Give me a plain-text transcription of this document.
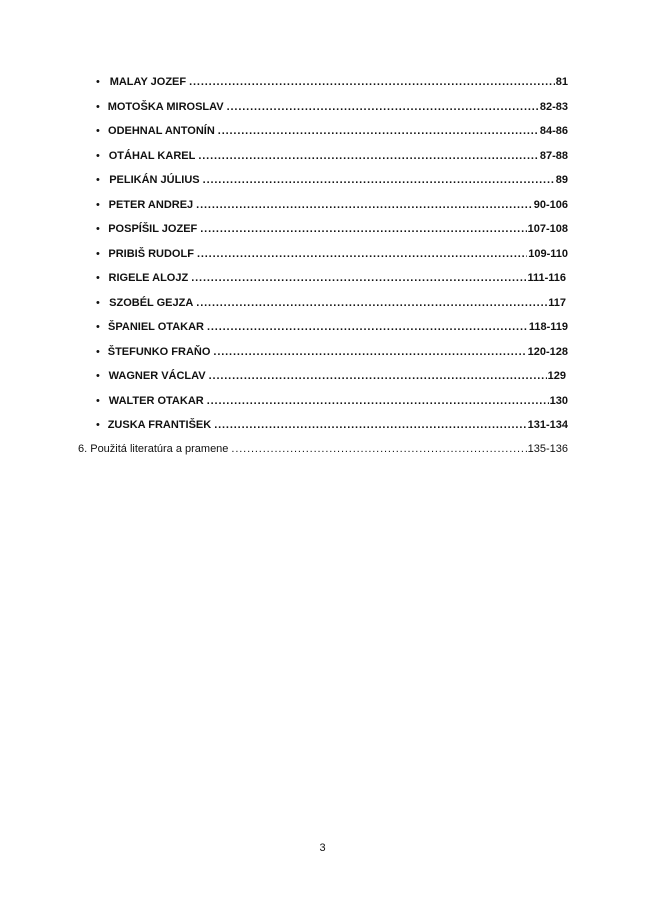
• MALAY JOZEF . . .	81
• MOTOŠKA MIROSLAV . . .	82-83
• ODEHNAL ANTONÍN . . .	84-86
• OTÁHAL KAREL . . .	87-88
• PELIKÁN JÚLIUS . . .	89
• PETER ANDREJ . . .	90-106
• POSPÍŠIL JOZEF . . .	107-108
• PRIBIŠ RUDOLF . . .	109-110
• RIGELE ALOJZ . . .	111-116
• SZOBÉL GEJZA . . .	117
• ŠPANIEL OTAKAR . . .	118-119
• ŠTEFUNKO FRAŇO . . .	120-128
• WAGNER VÁCLAV . . .	129
• WALTER OTAKAR . . .	130
• ZUSKA FRANTIŠEK . . .	131-134
6. Použitá literatúra a pramene . . .	135-136
3
